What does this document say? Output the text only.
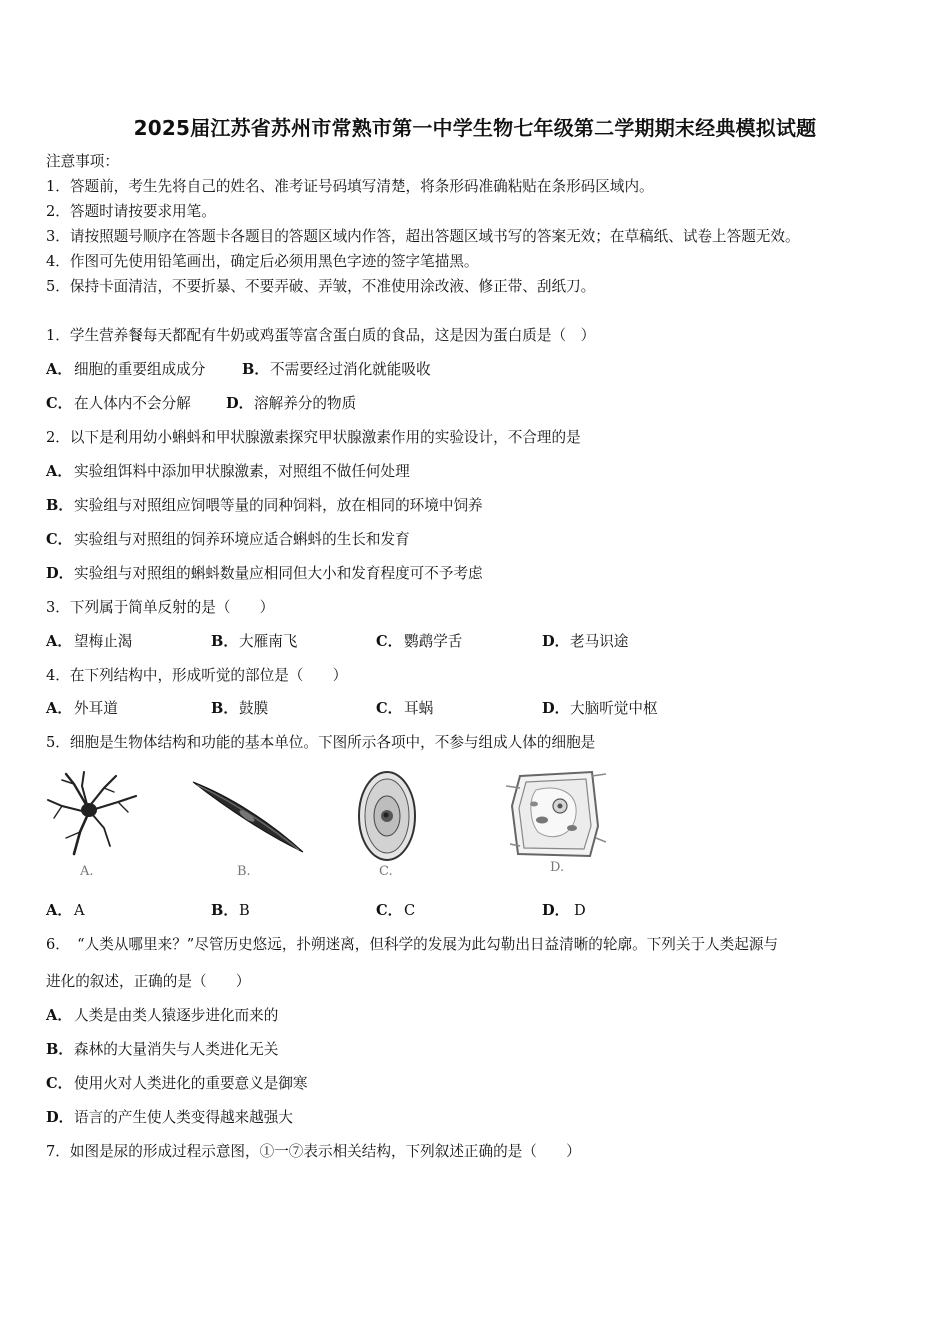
2025届江苏省苏州市常熟市第一中学生物七年级第二学期期末经典模拟试题
注意事项：
1．答题前，考生先将自己的姓名、准考证号码填写清楚，将条形码准确粘贴在条形码区域内。
2．答题时请按要求用笔。
3．请按照题号顺序在答题卡各题目的答题区域内作答，超出答题区域书写的答案无效；在草稿纸、试卷上答题无效。
4．作图可先使用铅笔画出，确定后必须用黑色字迹的签字笔描黑。
5．保持卡面清洁，不要折暴、不要弄破、弄皱，不准使用涂改液、修正带、刮纸刀。
1．学生营养餐每天都配有牛奶或鸡蛋等富含蛋白质的食品，这是因为蛋白质是（　）
A． 细胞的重要组成成分	B． 不需要经过消化就能吸收
C． 在人体内不会分解 D． 溶解养分的物质
2．以下是利用幼小蝌蚪和甲状腺激素探究甲状腺激素作用的实验设计，不合理的是
A． 实验组饵料中添加甲状腺激素，对照组不做任何处理
B． 实验组与对照组应饲喂等量的同种饲料，放在相同的环境中饲养
C． 实验组与对照组的饲养环境应适合蝌蚪的生长和发育
D． 实验组与对照组的蝌蚪数量应相同但大小和发育程度可不予考虑
3．下列属于简单反射的是（　　）
A． 望梅止渴	B． 大雁南飞	C． 鹦鹉学舌	D． 老马识途
4．在下列结构中，形成听觉的部位是（　　）
A． 外耳道	B． 鼓膜	C． 耳蜗	D． 大脑听觉中枢
5．细胞是生物体结构和功能的基本单位。下图所示各项中，不参与组成人体的细胞是
A.	B.	C.	D.
A． A	B． B	C． C	D． D
6．　“人类从哪里来？”尽管历史悠远，扑朔迷离，但科学的发展为此勾勒出日益清晰的轮廓。下列关于人类起源与
进化的叙述，正确的是（　　）
A． 人类是由类人猿逐步进化而来的
B． 森林的大量消失与人类进化无关
C． 使用火对人类进化的重要意义是御寒
D． 语言的产生使人类变得越来越强大
7．如图是尿的形成过程示意图，①一⑦表示相关结构，下列叙述正确的是（　　）
